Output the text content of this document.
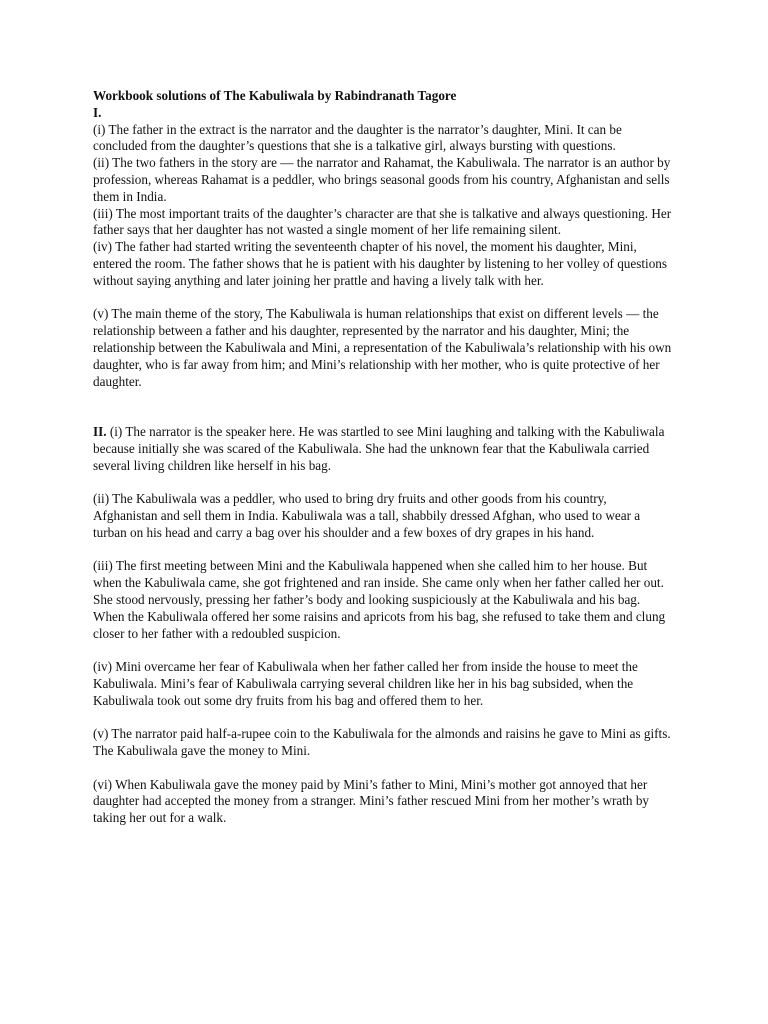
Workbook solutions of The Kabuliwala by Rabindranath Tagore

I.

(i) The father in the extract is the narrator and the daughter is the narrator’s daughter, Mini. It can be concluded from the daughter’s questions that she is a talkative girl, always bursting with questions.

(ii) The two fathers in the story are — the narrator and Rahamat, the Kabuliwala. The narrator is an author by profession, whereas Rahamat is a peddler, who brings seasonal goods from his country, Afghanistan and sells them in India.

(iii) The most important traits of the daughter’s character are that she is talkative and always questioning. Her father says that her daughter has not wasted a single moment of her life remaining silent.

(iv) The father had started writing the seventeenth chapter of his novel, the moment his daughter, Mini, entered the room. The father shows that he is patient with his daughter by listening to her volley of questions without saying anything and later joining her prattle and having a lively talk with her.

(v) The main theme of the story, The Kabuliwala is human relationships that exist on different levels — the relationship between a father and his daughter, represented by the narrator and his daughter, Mini; the relationship between the Kabuliwala and Mini, a representation of the Kabuliwala’s relationship with his own daughter, who is far away from him; and Mini’s relationship with her mother, who is quite protective of her daughter.

II. (i) The narrator is the speaker here. He was startled to see Mini laughing and talking with the Kabuliwala because initially she was scared of the Kabuliwala. She had the unknown fear that the Kabuliwala carried several living children like herself in his bag.

(ii) The Kabuliwala was a peddler, who used to bring dry fruits and other goods from his country, Afghanistan and sell them in India. Kabuliwala was a tall, shabbily dressed Afghan, who used to wear a turban on his head and carry a bag over his shoulder and a few boxes of dry grapes in his hand.

(iii) The first meeting between Mini and the Kabuliwala happened when she called him to her house. But when the Kabuliwala came, she got frightened and ran inside. She came only when her father called her out. She stood nervously, pressing her father’s body and looking suspiciously at the Kabuliwala and his bag. When the Kabuliwala offered her some raisins and apricots from his bag, she refused to take them and clung closer to her father with a redoubled suspicion.

(iv) Mini overcame her fear of Kabuliwala when her father called her from inside the house to meet the Kabuliwala. Mini’s fear of Kabuliwala carrying several children like her in his bag subsided, when the Kabuliwala took out some dry fruits from his bag and offered them to her.

(v) The narrator paid half-a-rupee coin to the Kabuliwala for the almonds and raisins he gave to Mini as gifts. The Kabuliwala gave the money to Mini.

(vi) When Kabuliwala gave the money paid by Mini’s father to Mini, Mini’s mother got annoyed that her daughter had accepted the money from a stranger. Mini’s father rescued Mini from her mother’s wrath by taking her out for a walk.
